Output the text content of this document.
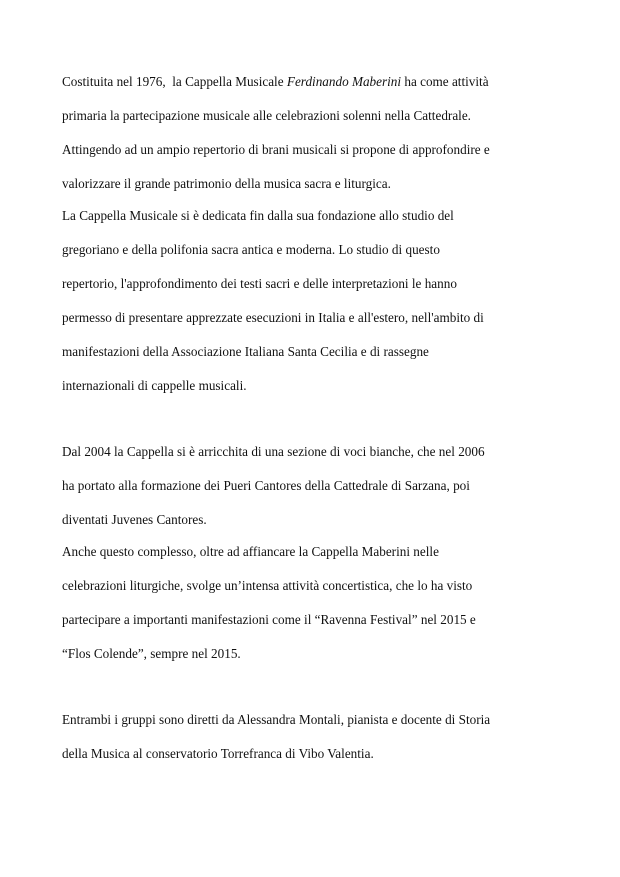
Costituita nel 1976,  la Cappella Musicale Ferdinando Maberini ha come attività

primaria la partecipazione musicale alle celebrazioni solenni nella Cattedrale.

Attingendo ad un ampio repertorio di brani musicali si propone di approfondire e

valorizzare il grande patrimonio della musica sacra e liturgica.

La Cappella Musicale si è dedicata fin dalla sua fondazione allo studio del

gregoriano e della polifonia sacra antica e moderna. Lo studio di questo

repertorio, l'approfondimento dei testi sacri e delle interpretazioni le hanno

permesso di presentare apprezzate esecuzioni in Italia e all'estero, nell'ambito di

manifestazioni della Associazione Italiana Santa Cecilia e di rassegne

internazionali di cappelle musicali.

Dal 2004 la Cappella si è arricchita di una sezione di voci bianche, che nel 2006

ha portato alla formazione dei Pueri Cantores della Cattedrale di Sarzana, poi

diventati Juvenes Cantores.

Anche questo complesso, oltre ad affiancare la Cappella Maberini nelle

celebrazioni liturgiche, svolge un’intensa attività concertistica, che lo ha visto

partecipare a importanti manifestazioni come il “Ravenna Festival” nel 2015 e

“Flos Colende”, sempre nel 2015.

Entrambi i gruppi sono diretti da Alessandra Montali, pianista e docente di Storia

della Musica al conservatorio Torrefranca di Vibo Valentia.
